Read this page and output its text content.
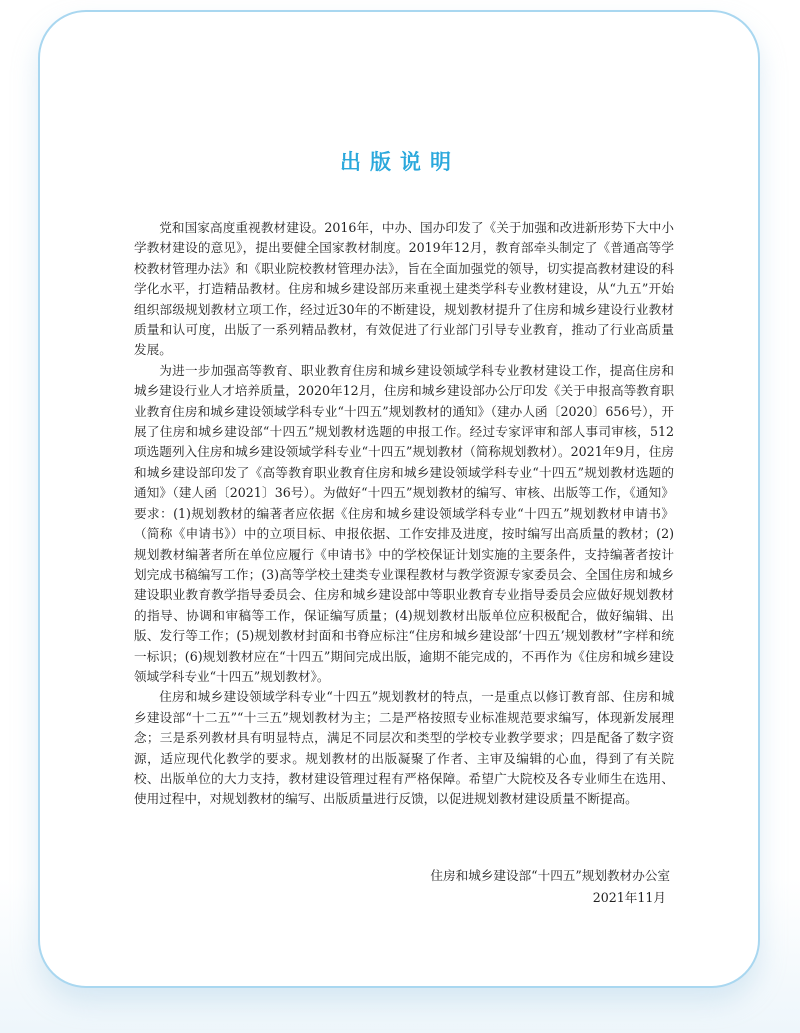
出版说明

党和国家高度重视教材建设。2016年，中办、国办印发了《关于加强和改进新形势下大中小学教材建设的意见》，提出要健全国家教材制度。2019年12月，教育部牵头制定了《普通高等学校教材管理办法》和《职业院校教材管理办法》，旨在全面加强党的领导，切实提高教材建设的科学化水平，打造精品教材。住房和城乡建设部历来重视土建类学科专业教材建设，从“九五”开始组织部级规划教材立项工作，经过近30年的不断建设，规划教材提升了住房和城乡建设行业教材质量和认可度，出版了一系列精品教材，有效促进了行业部门引导专业教育，推动了行业高质量发展。

为进一步加强高等教育、职业教育住房和城乡建设领域学科专业教材建设工作，提高住房和城乡建设行业人才培养质量，2020年12月，住房和城乡建设部办公厅印发《关于申报高等教育职业教育住房和城乡建设领域学科专业“十四五”规划教材的通知》（建办人函〔2020〕656号），开展了住房和城乡建设部“十四五”规划教材选题的申报工作。经过专家评审和部人事司审核，512项选题列入住房和城乡建设领域学科专业“十四五”规划教材（简称规划教材）。2021年9月，住房和城乡建设部印发了《高等教育职业教育住房和城乡建设领域学科专业“十四五”规划教材选题的通知》（建人函〔2021〕36号）。为做好“十四五”规划教材的编写、审核、出版等工作，《通知》要求：(1)规划教材的编著者应依据《住房和城乡建设领域学科专业“十四五”规划教材申请书》（简称《申请书》）中的立项目标、申报依据、工作安排及进度，按时编写出高质量的教材；(2)规划教材编著者所在单位应履行《申请书》中的学校保证计划实施的主要条件，支持编著者按计划完成书稿编写工作；(3)高等学校土建类专业课程教材与教学资源专家委员会、全国住房和城乡建设职业教育教学指导委员会、住房和城乡建设部中等职业教育专业指导委员会应做好规划教材的指导、协调和审稿等工作，保证编写质量；(4)规划教材出版单位应积极配合，做好编辑、出版、发行等工作；(5)规划教材封面和书脊应标注“住房和城乡建设部‘十四五’规划教材”字样和统一标识；(6)规划教材应在“十四五”期间完成出版，逾期不能完成的，不再作为《住房和城乡建设领域学科专业“十四五”规划教材》。

住房和城乡建设领域学科专业“十四五”规划教材的特点，一是重点以修订教育部、住房和城乡建设部“十二五”“十三五”规划教材为主；二是严格按照专业标准规范要求编写，体现新发展理念；三是系列教材具有明显特点，满足不同层次和类型的学校专业教学要求；四是配备了数字资源，适应现代化教学的要求。规划教材的出版凝聚了作者、主审及编辑的心血，得到了有关院校、出版单位的大力支持，教材建设管理过程有严格保障。希望广大院校及各专业师生在选用、使用过程中，对规划教材的编写、出版质量进行反馈，以促进规划教材建设质量不断提高。

住房和城乡建设部“十四五”规划教材办公室
2021年11月
